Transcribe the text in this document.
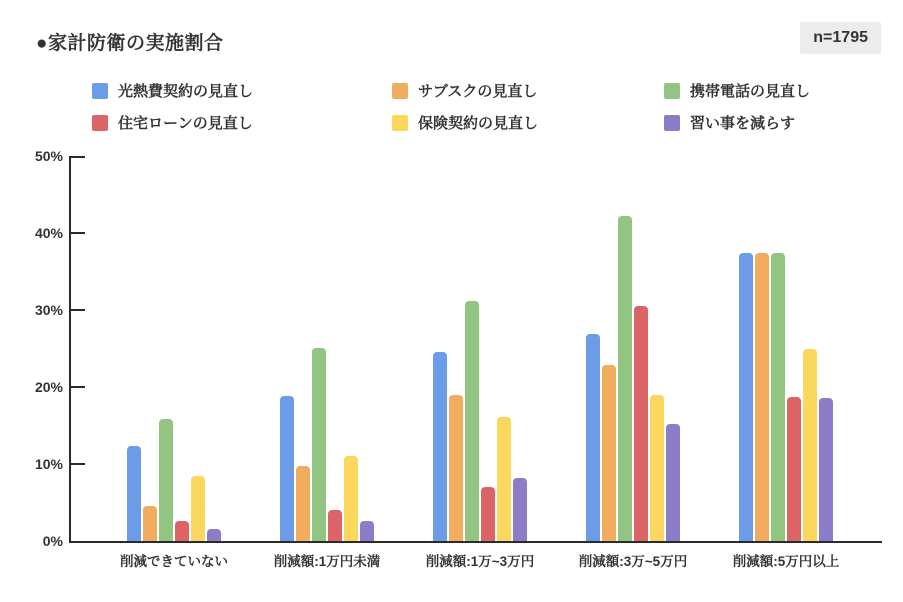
●家計防衛の実施割合	n=1795
光熱費契約の見直し	サブスクの見直し	携帯電話の見直し
住宅ローンの見直し	保険契約の見直し	習い事を減らす
0%
10%
20%
30%
40%
50%
削減できていない	削減額:1万円未満	削減額:1万~3万円	削減額:3万~5万円	削減額:5万円以上
